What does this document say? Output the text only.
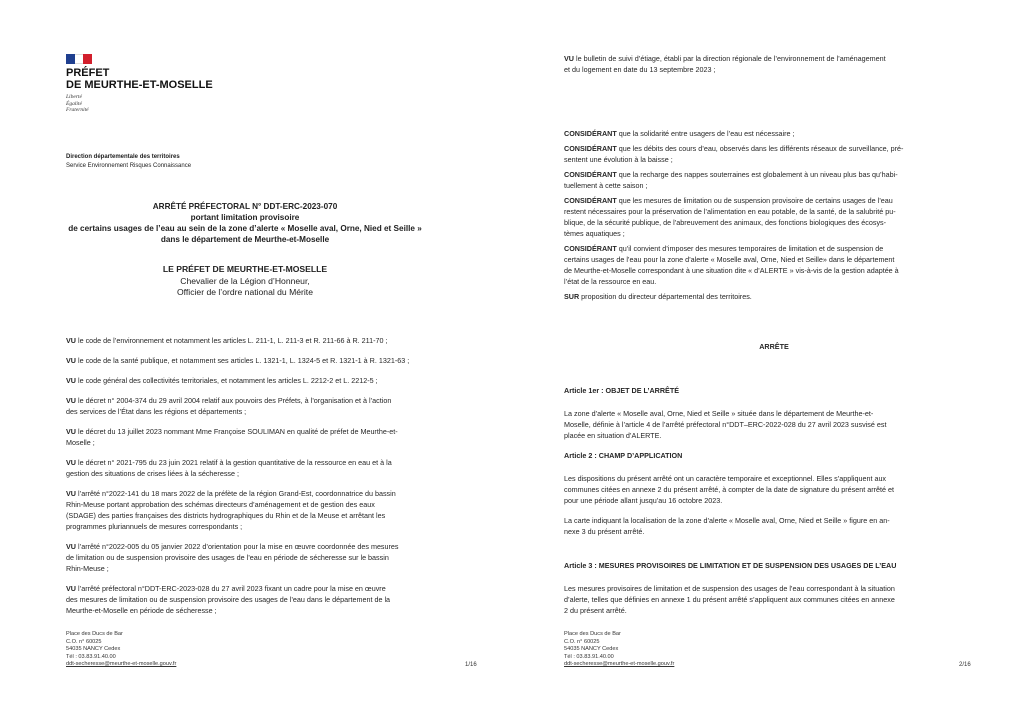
PRÉFET
DE MEURTHE-ET-MOSELLE
Liberté
Égalité
Fraternité
Direction départementale des territoires
Service Environnement Risques Connaissance
ARRÊTÉ PRÉFECTORAL N° DDT-ERC-2023-070
portant limitation provisoire
de certains usages de l’eau au sein de la zone d’alerte « Moselle aval, Orne, Nied et Seille »
dans le département de Meurthe-et-Moselle
LE PRÉFET DE MEURTHE-ET-MOSELLE
Chevalier de la Légion d’Honneur,
Officier de l’ordre national du Mérite
VU le code de l’environnement et notamment les articles L. 211-1, L. 211-3 et R. 211-66 à R. 211-70 ;
VU le code de la santé publique, et notamment ses articles L. 1321-1, L. 1324-5 et R. 1321-1 à R. 1321-63 ;
VU le code général des collectivités territoriales, et notamment les articles L. 2212-2 et L. 2212-5 ;
VU le décret n° 2004-374 du 29 avril 2004 relatif aux pouvoirs des Préfets, à l’organisation et à l’action
des services de l’État dans les régions et départements ;
VU le décret du 13 juillet 2023 nommant Mme Françoise SOULIMAN en qualité de préfet de Meurthe-et-
Moselle ;
VU le décret n° 2021-795 du 23 juin 2021 relatif à la gestion quantitative de la ressource en eau et à la
gestion des situations de crises liées à la sécheresse ;
VU l’arrêté n°2022-141 du 18 mars 2022 de la préfète de la région Grand-Est, coordonnatrice du bassin
Rhin-Meuse portant approbation des schémas directeurs d’aménagement et de gestion des eaux
(SDAGE) des parties françaises des districts hydrographiques du Rhin et de la Meuse et arrêtant les
programmes pluriannuels de mesures correspondants ;
VU l’arrêté n°2022-005 du 05 janvier 2022 d’orientation pour la mise en œuvre coordonnée des mesures
de limitation ou de suspension provisoire des usages de l’eau en période de sécheresse sur le bassin
Rhin-Meuse ;
VU l’arrêté préfectoral n°DDT-ERC-2023-028 du 27 avril 2023 fixant un cadre pour la mise en œuvre
des mesures de limitation ou de suspension provisoire des usages de l’eau dans le département de la
Meurthe-et-Moselle en période de sécheresse ;
Place des Ducs de Bar
C.O. n° 60025
54035 NANCY Cedex
Tél : 03.83.91.40.00
ddt-secheresse@meurthe-et-moselle.gouv.fr	1/16
VU le bulletin de suivi d’étiage, établi par la direction régionale de l’environnement de l’aménagement
et du logement en date du 13 septembre 2023 ;
CONSIDÉRANT que la solidarité entre usagers de l’eau est nécessaire ;
CONSIDÉRANT que les débits des cours d’eau, observés dans les différents réseaux de surveillance, pré-
sentent une évolution à la baisse ;
CONSIDÉRANT que la recharge des nappes souterraines est globalement à un niveau plus bas qu’habi-
tuellement à cette saison ;
CONSIDÉRANT que les mesures de limitation ou de suspension provisoire de certains usages de l’eau
restent nécessaires pour la préservation de l’alimentation en eau potable, de la santé, de la salubrité pu-
blique, de la sécurité publique, de l’abreuvement des animaux, des fonctions biologiques des écosys-
tèmes aquatiques ;
CONSIDÉRANT qu’il convient d’imposer des mesures temporaires de limitation et de suspension de
certains usages de l’eau pour la zone d’alerte « Moselle aval, Orne, Nied et Seille» dans le département
de Meurthe-et-Moselle correspondant à une situation dite « d’ALERTE » vis-à-vis de la gestion adaptée à
l’état de la ressource en eau.
SUR proposition du directeur départemental des territoires.
ARRÊTE
Article 1er : OBJET DE L’ARRÊTÉ
La zone d’alerte « Moselle aval, Orne, Nied et Seille » située dans le département de Meurthe-et-
Moselle, définie à l’article 4 de l’arrêté préfectoral n°DDT–ERC-2022-028 du 27 avril 2023 susvisé est
placée en situation d’ALERTE.
Article 2 : CHAMP D’APPLICATION
Les dispositions du présent arrêté ont un caractère temporaire et exceptionnel. Elles s’appliquent aux
communes citées en annexe 2 du présent arrêté, à compter de la date de signature du présent arrêté et
pour une période allant jusqu’au 16 octobre 2023.
La carte indiquant la localisation de la zone d’alerte « Moselle aval, Orne, Nied et Seille » figure en an-
nexe 3 du présent arrêté.
Article 3 : MESURES PROVISOIRES DE LIMITATION ET DE SUSPENSION DES USAGES DE L’EAU
Les mesures provisoires de limitation et de suspension des usages de l’eau correspondant à la situation
d’alerte, telles que définies en annexe 1 du présent arrêté s’appliquent aux communes citées en annexe
2 du présent arrêté.
Place des Ducs de Bar
C.O. n° 60025
54035 NANCY Cedex
Tél : 03.83.91.40.00
ddt-secheresse@meurthe-et-moselle.gouv.fr	2/16
